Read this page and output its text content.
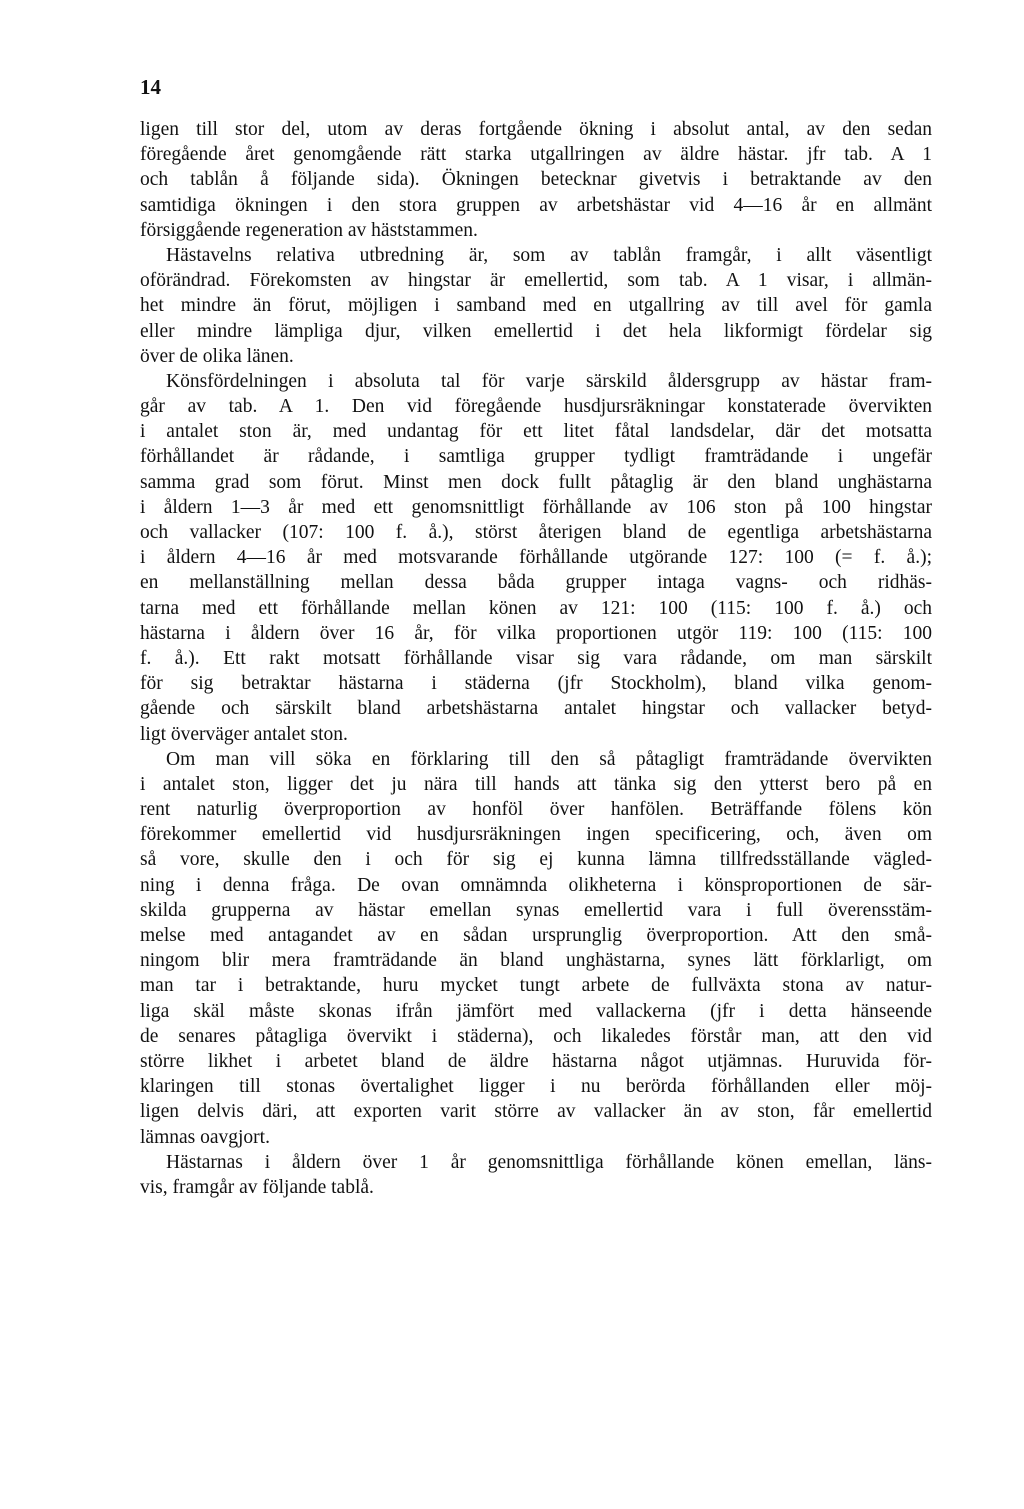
14
ligen till stor del, utom av deras fortgående ökning i absolut antal, av den sedan
föregående året genomgående rätt starka utgallringen av äldre hästar. jfr tab. A 1
och tablån å följande sida). Ökningen betecknar givetvis i betraktande av den
samtidiga ökningen i den stora gruppen av arbetshästar vid 4—16 år en allmänt
försiggående regeneration av häststammen.
Hästavelns relativa utbredning är, som av tablån framgår, i allt väsentligt
oförändrad. Förekomsten av hingstar är emellertid, som tab. A 1 visar, i allmän-
het mindre än förut, möjligen i samband med en utgallring av till avel för gamla
eller mindre lämpliga djur, vilken emellertid i det hela likformigt fördelar sig
över de olika länen.
Könsfördelningen i absoluta tal för varje särskild åldersgrupp av hästar fram-
går av tab. A 1. Den vid föregående husdjursräkningar konstaterade övervikten
i antalet ston är, med undantag för ett litet fåtal landsdelar, där det motsatta
förhållandet är rådande, i samtliga grupper tydligt framträdande i ungefär
samma grad som förut. Minst men dock fullt påtaglig är den bland unghästarna
i åldern 1—3 år med ett genomsnittligt förhållande av 106 ston på 100 hingstar
och vallacker (107: 100 f. å.), störst återigen bland de egentliga arbetshästarna
i åldern 4—16 år med motsvarande förhållande utgörande 127: 100 (= f. å.);
en mellanställning mellan dessa båda grupper intaga vagns- och ridhäs-
tarna med ett förhållande mellan könen av 121: 100 (115: 100 f. å.) och
hästarna i åldern över 16 år, för vilka proportionen utgör 119: 100 (115: 100
f. å.). Ett rakt motsatt förhållande visar sig vara rådande, om man särskilt
för sig betraktar hästarna i städerna (jfr Stockholm), bland vilka genom-
gående och särskilt bland arbetshästarna antalet hingstar och vallacker betyd-
ligt överväger antalet ston.
Om man vill söka en förklaring till den så påtagligt framträdande övervikten
i antalet ston, ligger det ju nära till hands att tänka sig den ytterst bero på en
rent naturlig överproportion av honföl över hanfölen. Beträffande fölens kön
förekommer emellertid vid husdjursräkningen ingen specificering, och, även om
så vore, skulle den i och för sig ej kunna lämna tillfredsställande vägled-
ning i denna fråga. De ovan omnämnda olikheterna i könsproportionen de sär-
skilda grupperna av hästar emellan synas emellertid vara i full överensstäm-
melse med antagandet av en sådan ursprunglig överproportion. Att den små-
ningom blir mera framträdande än bland unghästarna, synes lätt förklarligt, om
man tar i betraktande, huru mycket tungt arbete de fullväxta stona av natur-
liga skäl måste skonas ifrån jämfört med vallackerna (jfr i detta hänseende
de senares påtagliga övervikt i städerna), och likaledes förstår man, att den vid
större likhet i arbetet bland de äldre hästarna något utjämnas. Huruvida för-
klaringen till stonas övertalighet ligger i nu berörda förhållanden eller möj-
ligen delvis däri, att exporten varit större av vallacker än av ston, får emellertid
lämnas oavgjort.
Hästarnas i åldern över 1 år genomsnittliga förhållande könen emellan, läns-
vis, framgår av följande tablå.
